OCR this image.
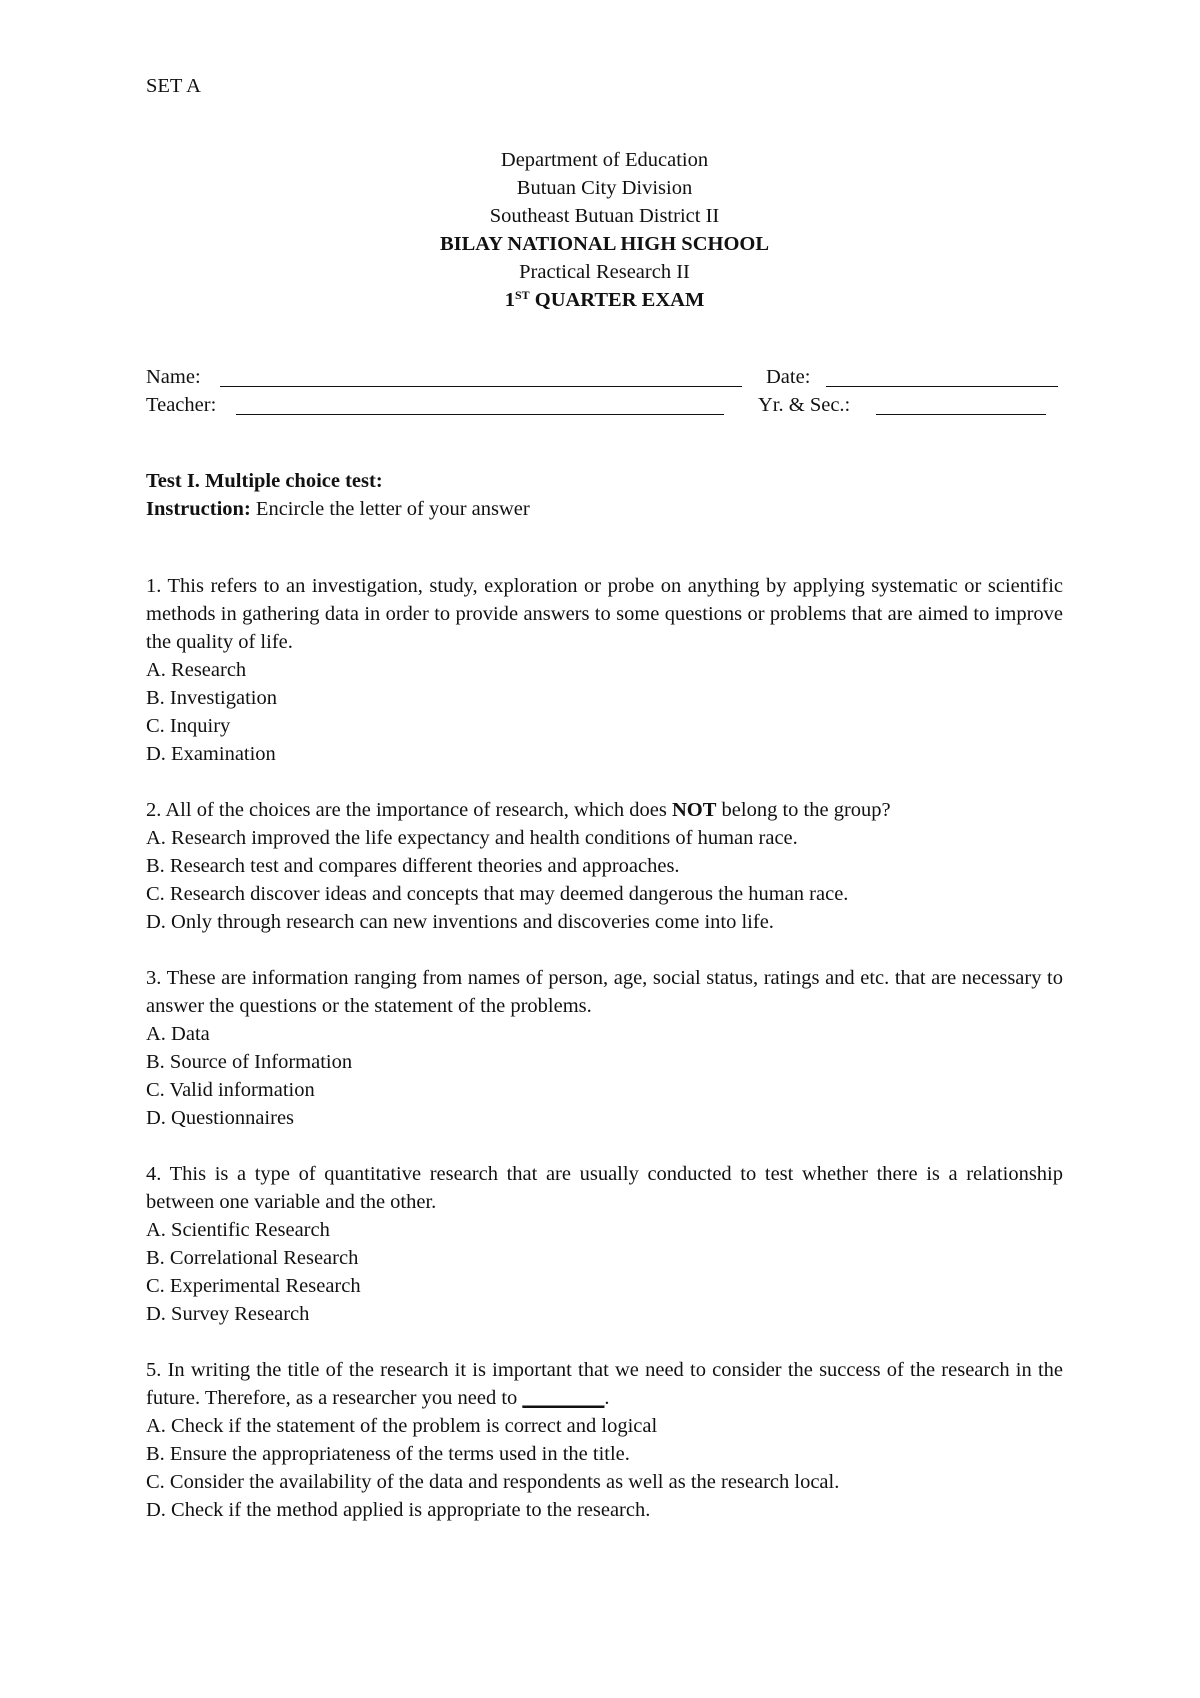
SET A
Department of Education
Butuan City Division
Southeast Butuan District II
BILAY NATIONAL HIGH SCHOOL
Practical Research II
1ST QUARTER EXAM
Name:	Date:
Teacher:	Yr. & Sec.:
Test I. Multiple choice test:
Instruction: Encircle the letter of your answer
1. This refers to an investigation, study, exploration or probe on anything by applying systematic or scientific methods in gathering data in order to provide answers to some questions or problems that are aimed to improve the quality of life.
A. Research
B. Investigation
C. Inquiry
D. Examination
2. All of the choices are the importance of research, which does NOT belong to the group?
A. Research improved the life expectancy and health conditions of human race.
B. Research test and compares different theories and approaches.
C. Research discover ideas and concepts that may deemed dangerous the human race.
D. Only through research can new inventions and discoveries come into life.
3. These are information ranging from names of person, age, social status, ratings and etc. that are necessary to answer the questions or the statement of the problems.
A. Data
B. Source of Information
C. Valid information
D. Questionnaires
4. This is a type of quantitative research that are usually conducted to test whether there is a relationship between one variable and the other.
A. Scientific Research
B. Correlational Research
C. Experimental Research
D. Survey Research
5. In writing the title of the research it is important that we need to consider the success of the research in the future. Therefore, as a researcher you need to ________.
A. Check if the statement of the problem is correct and logical
B. Ensure the appropriateness of the terms used in the title.
C. Consider the availability of the data and respondents as well as the research local.
D. Check if the method applied is appropriate to the research.
